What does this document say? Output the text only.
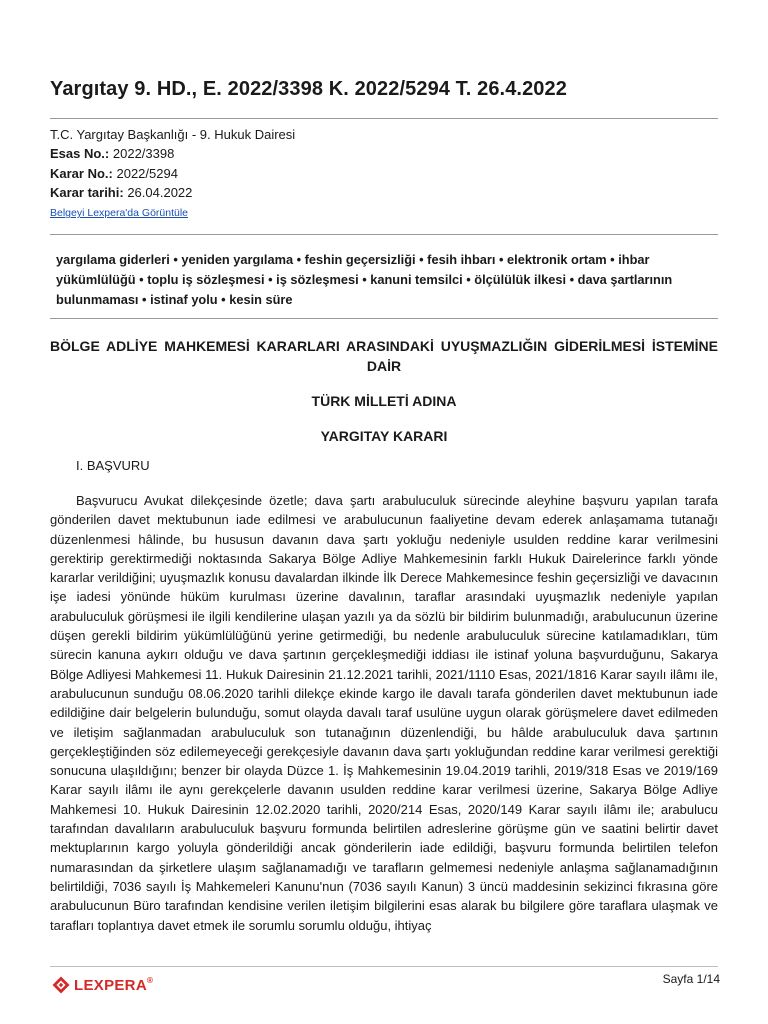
Yargıtay 9. HD., E. 2022/3398 K. 2022/5294 T. 26.4.2022
T.C. Yargıtay Başkanlığı - 9. Hukuk Dairesi
Esas No.: 2022/3398
Karar No.: 2022/5294
Karar tarihi: 26.04.2022
Belgeyi Lexpera'da Görüntüle
yargılama giderleri • yeniden yargılama • feshin geçersizliği • fesih ihbarı • elektronik ortam • ihbar yükümlülüğü • toplu iş sözleşmesi • iş sözleşmesi • kanuni temsilci • ölçülülük ilkesi • dava şartlarının bulunmaması • istinaf yolu • kesin süre
BÖLGE ADLİYE MAHKEMESİ KARARLARI ARASINDAKİ UYUŞMAZLIĞIN GİDERİLMESİ İSTEMİNE DAİR
TÜRK MİLLETİ ADINA
YARGITAY KARARI
I. BAŞVURU

Başvurucu Avukat dilekçesinde özetle; dava şartı arabuluculuk sürecinde aleyhine başvuru yapılan tarafa gönderilen davet mektubunun iade edilmesi ve arabulucunun faaliyetine devam ederek anlaşamama tutanağı düzenlenmesi hâlinde, bu hususun davanın dava şartı yokluğu nedeniyle usulden reddine karar verilmesini gerektirip gerektirmediği noktasında Sakarya Bölge Adliye Mahkemesinin farklı Hukuk Dairelerince farklı yönde kararlar verildiğini; uyuşmazlık konusu davalardan ilkinde İlk Derece Mahkemesince feshin geçersizliği ve davacının işe iadesi yönünde hüküm kurulması üzerine davalının, taraflar arasındaki uyuşmazlık nedeniyle yapılan arabuluculuk görüşmesi ile ilgili kendilerine ulaşan yazılı ya da sözlü bir bildirim bulunmadığı, arabulucunun üzerine düşen gerekli bildirim yükümlülüğünü yerine getirmediği, bu nedenle arabuluculuk sürecine katılamadıkları, tüm sürecin kanuna aykırı olduğu ve dava şartının gerçekleşmediği iddiası ile istinaf yoluna başvurduğunu, Sakarya Bölge Adliyesi Mahkemesi 11. Hukuk Dairesinin 21.12.2021 tarihli, 2021/1110 Esas, 2021/1816 Karar sayılı ilâmı ile, arabulucunun sunduğu 08.06.2020 tarihli dilekçe ekinde kargo ile davalı tarafa gönderilen davet mektubunun iade edildiğine dair belgelerin bulunduğu, somut olayda davalı taraf usulüne uygun olarak görüşmelere davet edilmeden ve iletişim sağlanmadan arabuluculuk son tutanağının düzenlendiği, bu hâlde arabuluculuk dava şartının gerçekleştiğinden söz edilemeyeceği gerekçesiyle davanın dava şartı yokluğundan reddine karar verilmesi gerektiği sonucuna ulaşıldığını; benzer bir olayda Düzce 1. İş Mahkemesinin 19.04.2019 tarihli, 2019/318 Esas ve 2019/169 Karar sayılı ilâmı ile aynı gerekçelerle davanın usulden reddine karar verilmesi üzerine, Sakarya Bölge Adliye Mahkemesi 10. Hukuk Dairesinin 12.02.2020 tarihli, 2020/214 Esas, 2020/149 Karar sayılı ilâmı ile; arabulucu tarafından davalıların arabuluculuk başvuru formunda belirtilen adreslerine görüşme gün ve saatini belirtir davet mektuplarının kargo yoluyla gönderildiği ancak gönderilerin iade edildiği, başvuru formunda belirtilen telefon numarasından da şirketlere ulaşım sağlanamadığı ve tarafların gelmemesi nedeniyle anlaşma sağlanamadığının belirtildiği, 7036 sayılı İş Mahkemeleri Kanunu'nun (7036 sayılı Kanun) 3 üncü maddesinin sekizinci fıkrasına göre arabulucunun Büro tarafından kendisine verilen iletişim bilgilerini esas alarak bu bilgilere göre taraflara ulaşmak ve tarafları toplantıya davet etmek ile sorumlu sorumlu olduğu, ihtiyaç

LEXPERA ®	Sayfa 1/14
